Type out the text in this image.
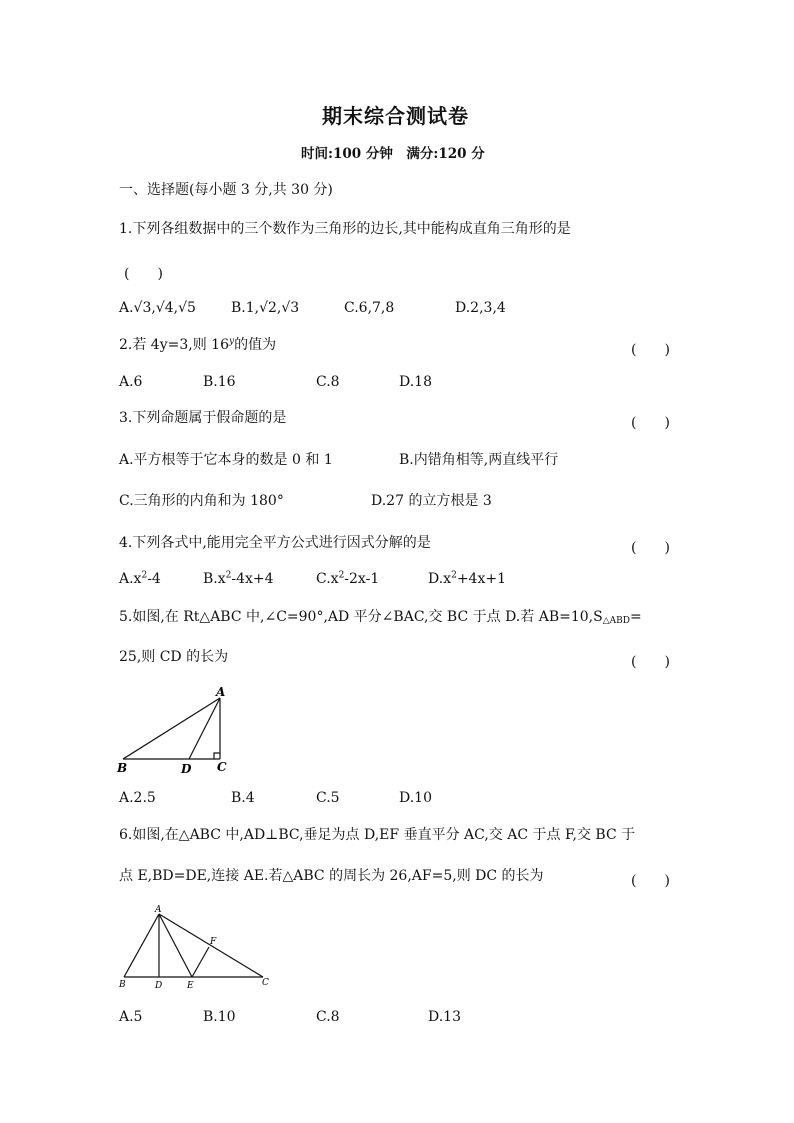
期末综合测试卷
时间:100 分钟　满分:120 分
一、选择题(每小题 3 分,共 30 分)
1.下列各组数据中的三个数作为三角形的边长,其中能构成直角三角形的是
(　　)
A.√3,√4,√5	B.1,√2,√3	C.6,7,8	D.2,3,4
2.若 4y=3,则 16$^y$的值为	(　　)
A.6	B.16	C.8	D.18
3.下列命题属于假命题的是	(　　)
A.平方根等于它本身的数是 0 和 1	B.内错角相等,两直线平行
C.三角形的内角和为 180°	D.27 的立方根是 3
4.下列各式中,能用完全平方公式进行因式分解的是	(　　)
$A.x^2-4$	$B.x^2-4x+4$	$C.x^2-2x-1$	$D.x^2+4x+1$
5.如图,在 Rt△ABC 中,∠C=90°,AD 平分∠BAC,交 BC 于点 D.若 $AB=10,S_{\triangle ABD}=$
25,则 CD 的长为	(　　)
A
B	D C
A.2.5	B.4	C.5	D.10
6.如图,在△ABC 中,AD⊥BC,垂足为点 D,EF 垂直平分 AC,交 AC 于点 F,交 BC 于
点 E,BD=DE,连接 AE.若△ABC 的周长为 26,AF=5,则 DC 的长为	(　　)
A
B	D	E
F
C
A.5	B.10	C.8	D.13
